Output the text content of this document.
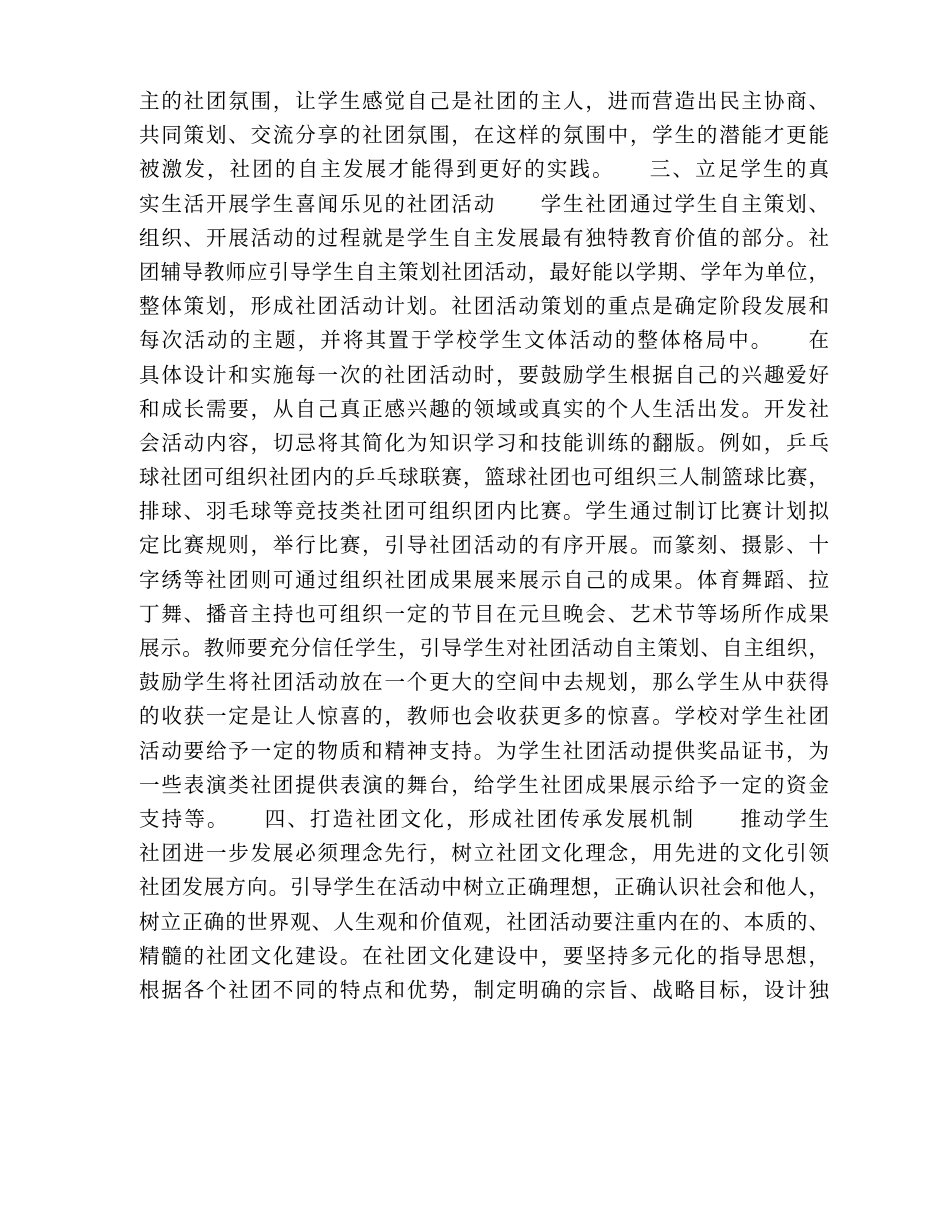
主的社团氛围，让学生感觉自己是社团的主人，进而营造出民主协商、
共同策划、交流分享的社团氛围，在这样的氛围中，学生的潜能才更能
被激发，社团的自主发展才能得到更好的实践。　　三、立足学生的真
实生活开展学生喜闻乐见的社团活动　　学生社团通过学生自主策划、
组织、开展活动的过程就是学生自主发展最有独特教育价值的部分。社
团辅导教师应引导学生自主策划社团活动，最好能以学期、学年为单位，
整体策划，形成社团活动计划。社团活动策划的重点是确定阶段发展和
每次活动的主题，并将其置于学校学生文体活动的整体格局中。　　在
具体设计和实施每一次的社团活动时，要鼓励学生根据自己的兴趣爱好
和成长需要，从自己真正感兴趣的领域或真实的个人生活出发。开发社
会活动内容，切忌将其简化为知识学习和技能训练的翻版。例如，乒乓
球社团可组织社团内的乒乓球联赛，篮球社团也可组织三人制篮球比赛，
排球、羽毛球等竞技类社团可组织团内比赛。学生通过制订比赛计划拟
定比赛规则，举行比赛，引导社团活动的有序开展。而篆刻、摄影、十
字绣等社团则可通过组织社团成果展来展示自己的成果。体育舞蹈、拉
丁舞、播音主持也可组织一定的节目在元旦晚会、艺术节等场所作成果
展示。教师要充分信任学生，引导学生对社团活动自主策划、自主组织，
鼓励学生将社团活动放在一个更大的空间中去规划，那么学生从中获得
的收获一定是让人惊喜的，教师也会收获更多的惊喜。学校对学生社团
活动要给予一定的物质和精神支持。为学生社团活动提供奖品证书，为
一些表演类社团提供表演的舞台，给学生社团成果展示给予一定的资金
支持等。　　四、打造社团文化，形成社团传承发展机制　　推动学生
社团进一步发展必须理念先行，树立社团文化理念，用先进的文化引领
社团发展方向。引导学生在活动中树立正确理想，正确认识社会和他人，
树立正确的世界观、人生观和价值观，社团活动要注重内在的、本质的、
精髓的社团文化建设。在社团文化建设中，要坚持多元化的指导思想，
根据各个社团不同的特点和优势，制定明确的宗旨、战略目标，设计独
